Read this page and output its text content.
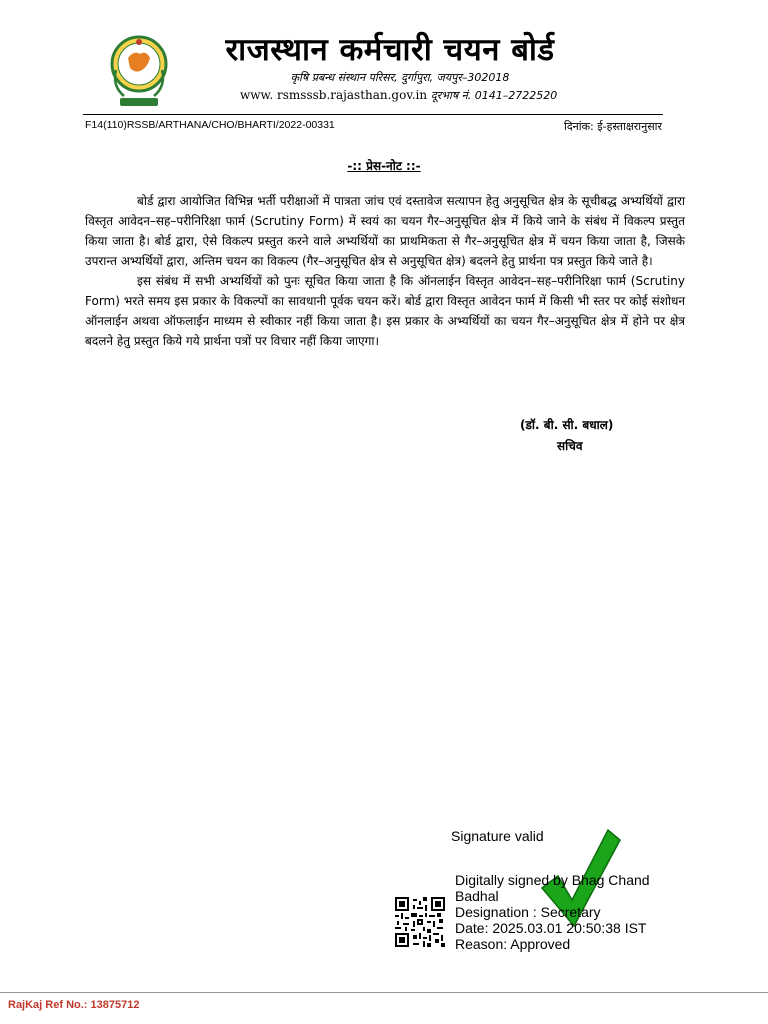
राजस्थान कर्मचारी चयन बोर्ड
कृषि प्रबन्ध संस्थान परिसर, दुर्गापुरा, जयपुर–302018
www. rsmsssb.rajasthan.gov.in दूरभाष नं. 0141–2722520
F14(110)RSSB/ARTHANA/CHO/BHARTI/2022-00331	दिनांक: ई-हस्ताक्षरानुसार
-:: प्रेस-नोट ::-

बोर्ड द्वारा आयोजित विभिन्न भर्ती परीक्षाओं में पात्रता जांच एवं दस्तावेज सत्यापन हेतु अनुसूचित क्षेत्र के सूचीबद्ध अभ्यर्थियों द्वारा विस्तृत आवेदन–सह–परीनिरिक्षा फार्म (Scrutiny Form) में स्वयं का चयन गैर–अनुसूचित क्षेत्र में किये जाने के संबंध में विकल्प प्रस्तुत किया जाता है। बोर्ड द्वारा, ऐसे विकल्प प्रस्तुत करने वाले अभ्यर्थियों का प्राथमिकता से गैर–अनुसूचित क्षेत्र में चयन किया जाता है, जिसके उपरान्त अभ्यर्थियों द्वारा, अन्तिम चयन का विकल्प (गैर–अनुसूचित क्षेत्र से अनुसूचित क्षेत्र) बदलने हेतु प्रार्थना पत्र प्रस्तुत किये जाते है।

इस संबंध में सभी अभ्यर्थियों को पुनः सूचित किया जाता है कि ऑनलाईन विस्तृत आवेदन–सह–परीनिरिक्षा फार्म (Scrutiny Form) भरते समय इस प्रकार के विकल्पों का सावधानी पूर्वक चयन करें। बोर्ड द्वारा विस्तृत आवेदन फार्म में किसी भी स्तर पर कोई संशोधन ऑनलाईन अथवा ऑफलाईन माध्यम से स्वीकार नहीं किया जाता है। इस प्रकार के अभ्यर्थियों का चयन गैर–अनुसूचित क्षेत्र में होने पर क्षेत्र बदलने हेतु प्रस्तुत किये गये प्रार्थना पत्रों पर विचार नहीं किया जाएगा।

(डॉ. बी. सी. बधाल)
सचिव
Signature valid
Digitally signed by Bhag Chand
Badhal
Designation : Secretary
Date: 2025.03.01 20:50:38 IST
Reason: Approved
RajKaj Ref No.: 13875712
